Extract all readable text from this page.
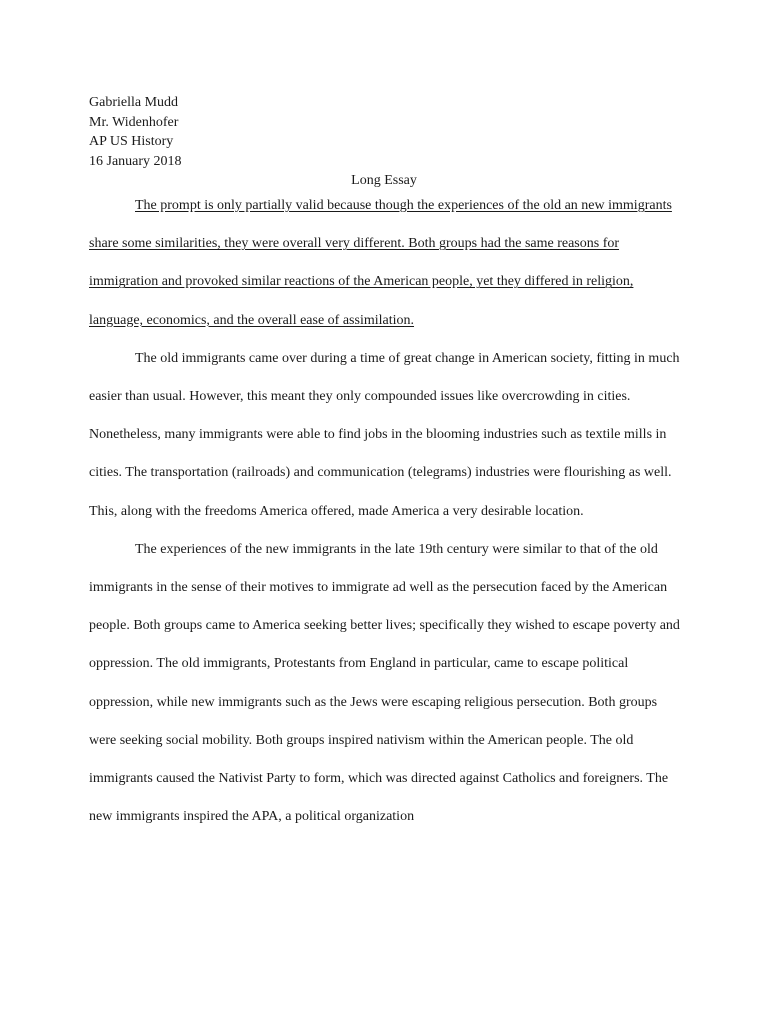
Gabriella Mudd
Mr. Widenhofer
AP US History
16 January 2018
Long Essay

The prompt is only partially valid because though the experiences of the old an new immigrants share some similarities, they were overall very different. Both groups had the same reasons for immigration and provoked similar reactions of the American people, yet they differed in religion, language, economics, and the overall ease of assimilation.

The old immigrants came over during a time of great change in American society, fitting in much easier than usual. However, this meant they only compounded issues like overcrowding in cities. Nonetheless, many immigrants were able to find jobs in the blooming industries such as textile mills in cities. The transportation (railroads) and communication (telegrams) industries were flourishing as well. This, along with the freedoms America offered, made America a very desirable location.

The experiences of the new immigrants in the late 19th century were similar to that of the old immigrants in the sense of their motives to immigrate ad well as the persecution faced by the American people. Both groups came to America seeking better lives; specifically they wished to escape poverty and oppression. The old immigrants, Protestants from England in particular, came to escape political oppression, while new immigrants such as the Jews were escaping religious persecution. Both groups were seeking social mobility. Both groups inspired nativism within the American people. The old immigrants caused the Nativist Party to form, which was directed against Catholics and foreigners. The new immigrants inspired the APA, a political organization
